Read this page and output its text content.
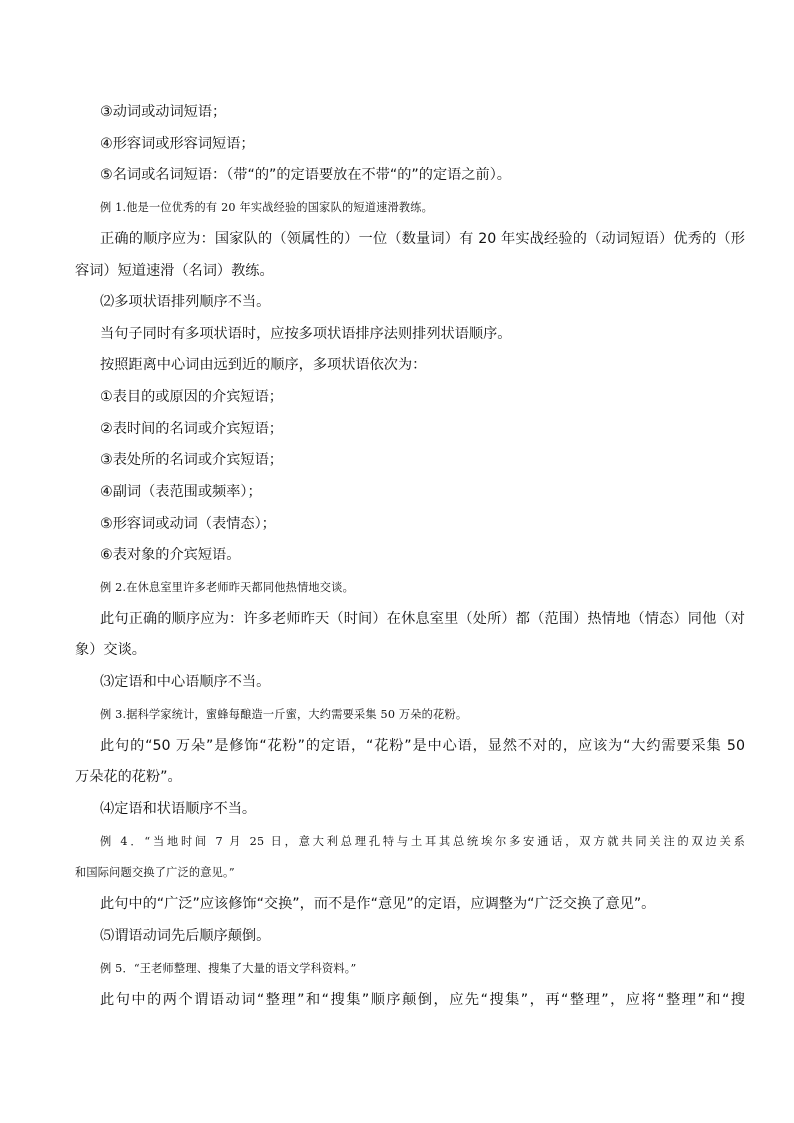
③动词或动词短语；
④形容词或形容词短语；
⑤名词或名词短语：（带“的”的定语要放在不带“的”的定语之前）。
例 1.他是一位优秀的有 20 年实战经验的国家队的短道速滑教练。
正确的顺序应为：国家队的（领属性的）一位（数量词）有 20 年实战经验的（动词短语）优秀的（形
容词）短道速滑（名词）教练。
⑵多项状语排列顺序不当。
当句子同时有多项状语时，应按多项状语排序法则排列状语顺序。
按照距离中心词由远到近的顺序，多项状语依次为：
①表目的或原因的介宾短语；
②表时间的名词或介宾短语；
③表处所的名词或介宾短语；
④副词（表范围或频率）；
⑤形容词或动词（表情态）；
⑥表对象的介宾短语。
例 2.在休息室里许多老师昨天都同他热情地交谈。
此句正确的顺序应为：许多老师昨天（时间）在休息室里（处所）都（范围）热情地（情态）同他（对
象）交谈。
⑶定语和中心语顺序不当。
例 3.据科学家统计，蜜蜂每酿造一斤蜜，大约需要采集 50 万朵的花粉。
此句的“50 万朵”是修饰“花粉”的定语，“花粉”是中心语，显然不对的，应该为“大约需要采集 50
万朵花的花粉”。
⑷定语和状语顺序不当。
例 4．“当地时间 7 月 25 日，意大利总理孔特与土耳其总统埃尔多安通话，双方就共同关注的双边关系
和国际问题交换了广泛的意见。”
此句中的“广泛”应该修饰“交换”，而不是作“意见”的定语，应调整为“广泛交换了意见”。
⑸谓语动词先后顺序颠倒。
例 5．“王老师整理、搜集了大量的语文学科资料。”
此句中的两个谓语动词“整理”和“搜集”顺序颠倒，应先“搜集”，再“整理”，应将“整理”和“搜
